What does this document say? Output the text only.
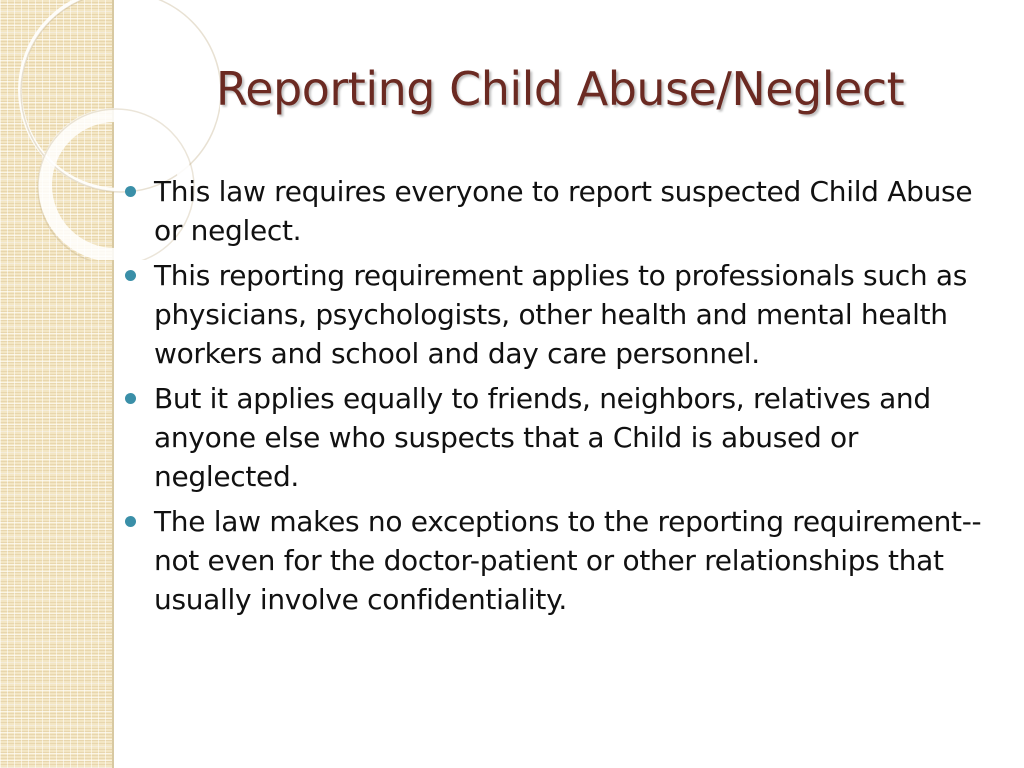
Reporting Child Abuse/Neglect
This law requires everyone to report suspected Child Abuse or neglect.
This reporting requirement applies to professionals such as physicians, psychologists, other health and mental health workers and school and day care personnel.
But it applies equally to friends, neighbors, relatives and anyone else who suspects that a Child is abused or neglected.
The law makes no exceptions to the reporting requirement-- not even for the doctor-patient or other relationships that usually involve confidentiality.
